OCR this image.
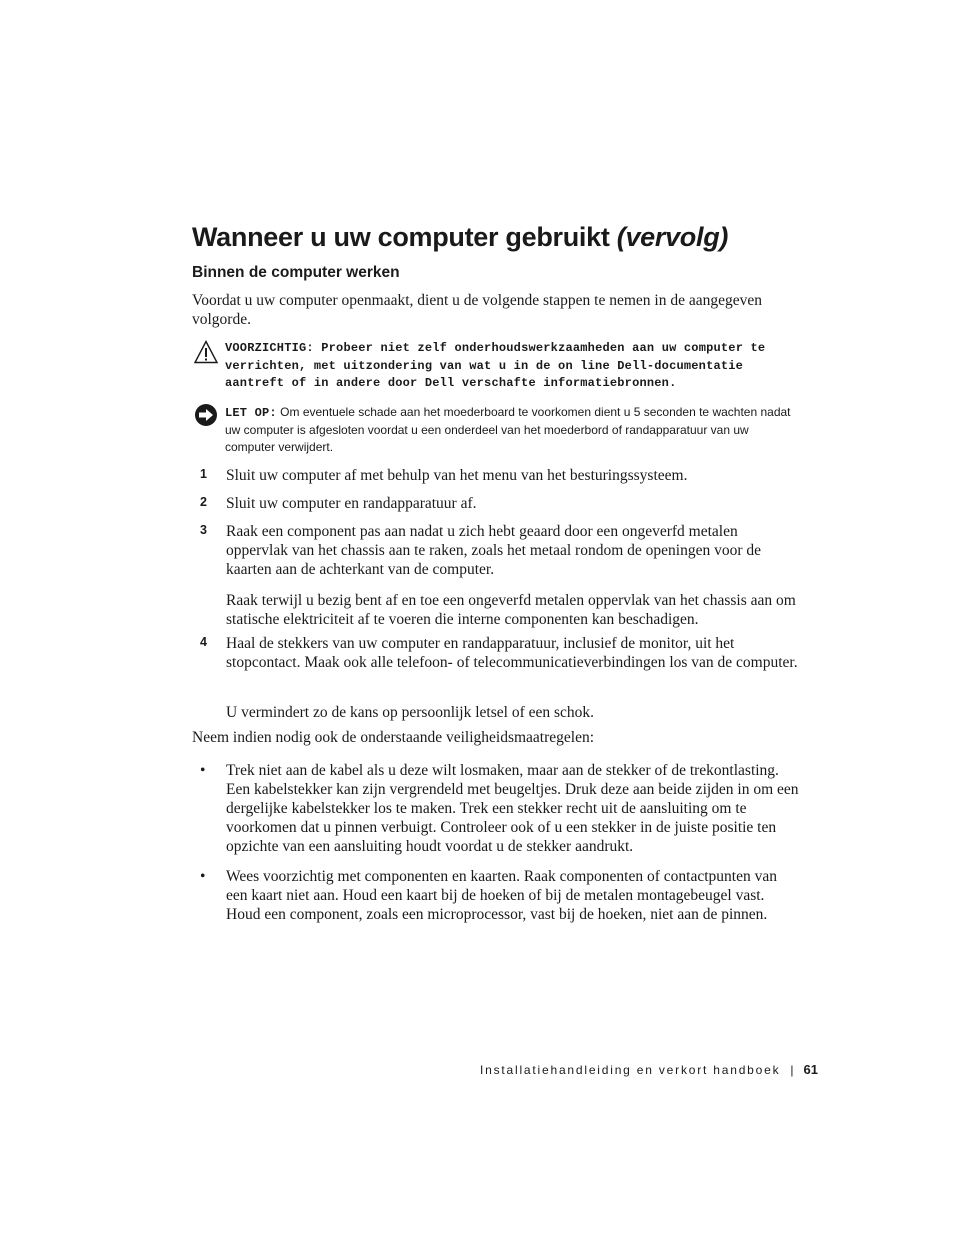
Wanneer u uw computer gebruikt (vervolg)
Binnen de computer werken

Voordat u uw computer openmaakt, dient u de volgende stappen te nemen in de aangegeven volgorde.

VOORZICHTIG: Probeer niet zelf onderhoudswerkzaamheden aan uw computer te verrichten, met uitzondering van wat u in de on line Dell-documentatie aantreft of in andere door Dell verschafte informatiebronnen.

LET OP: Om eventuele schade aan het moederboard te voorkomen dient u 5 seconden te wachten nadat uw computer is afgesloten voordat u een onderdeel van het moederbord of randapparatuur van uw computer verwijdert.

1 Sluit uw computer af met behulp van het menu van het besturingssysteem.

2 Sluit uw computer en randapparatuur af.

3 Raak een component pas aan nadat u zich hebt geaard door een ongeverfd metalen oppervlak van het chassis aan te raken, zoals het metaal rondom de openingen voor de kaarten aan de achterkant van de computer.

Raak terwijl u bezig bent af en toe een ongeverfd metalen oppervlak van het chassis aan om statische elektriciteit af te voeren die interne componenten kan beschadigen.

4 Haal de stekkers van uw computer en randapparatuur, inclusief de monitor, uit het stopcontact. Maak ook alle telefoon- of telecommunicatieverbindingen los van de computer.

U vermindert zo de kans op persoonlijk letsel of een schok.

Neem indien nodig ook de onderstaande veiligheidsmaatregelen:

• Trek niet aan de kabel als u deze wilt losmaken, maar aan de stekker of de trekontlasting. Een kabelstekker kan zijn vergrendeld met beugeltjes. Druk deze aan beide zijden in om een dergelijke kabelstekker los te maken. Trek een stekker recht uit de aansluiting om te voorkomen dat u pinnen verbuigt. Controleer ook of u een stekker in de juiste positie ten opzichte van een aansluiting houdt voordat u de stekker aandrukt.

• Wees voorzichtig met componenten en kaarten. Raak componenten of contactpunten van een kaart niet aan. Houd een kaart bij de hoeken of bij de metalen montagebeugel vast. Houd een component, zoals een microprocessor, vast bij de hoeken, niet aan de pinnen.

Installatiehandleiding en verkort handboek | 61
